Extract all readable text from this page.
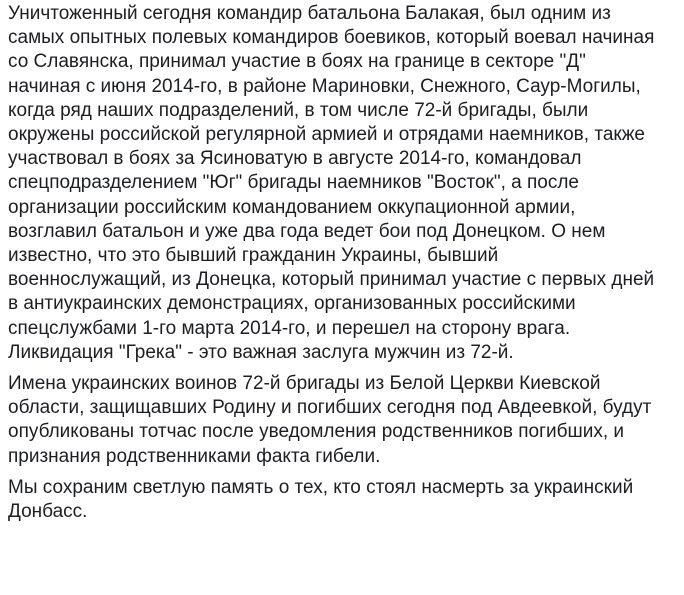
Уничтоженный сегодня командир батальона Балакая, был одним из
самых опытных полевых командиров боевиков, который воевал начиная
со Славянска, принимал участие в боях на границе в секторе "Д"
начиная с июня 2014-го, в районе Мариновки, Снежного, Саур-Могилы,
когда ряд наших подразделений, в том числе 72-й бригады, были
окружены российской регулярной армией и отрядами наемников, также
участвовал в боях за Ясиноватую в августе 2014-го, командовал
спецподразделением "Юг" бригады наемников "Восток", а после
организации российским командованием оккупационной армии,
возглавил батальон и уже два года ведет бои под Донецком. О нем
известно, что это бывший гражданин Украины, бывший
военнослужащий, из Донецка, который принимал участие с первых дней
в антиукраинских демонстрациях, организованных российскими
спецслужбами 1-го марта 2014-го, и перешел на сторону врага.
Ликвидация "Грека" - это важная заслуга мужчин из 72-й.

Имена украинских воинов 72-й бригады из Белой Церкви Киевской
области, защищавших Родину и погибших сегодня под Авдеевкой, будут
опубликованы тотчас после уведомления родственников погибших, и
признания родственниками факта гибели.

Мы сохраним светлую память о тех, кто стоял насмерть за украинский
Донбасс.
